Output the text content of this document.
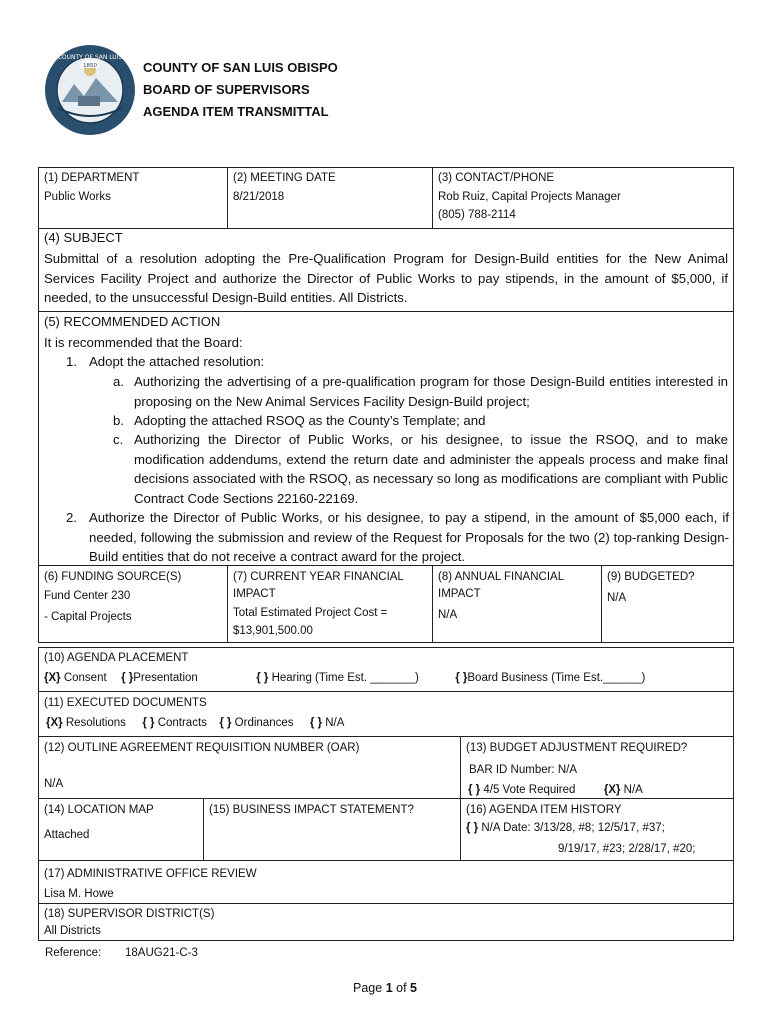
COUNTY OF SAN LUIS
1850	COUNTY OF SAN LUIS OBISPO
BOARD OF SUPERVISORS
AGENDA ITEM TRANSMITTAL
(1) DEPARTMENT
Public Works
(2) MEETING DATE
8/21/2018
(3) CONTACT/PHONE
Rob Ruiz, Capital Projects Manager
(805) 788-2114
(4) SUBJECT
Submittal of a resolution adopting the Pre-Qualification Program for Design-Build entities for the New Animal Services Facility Project and authorize the Director of Public Works to pay stipends, in the amount of $5,000, if needed, to the unsuccessful Design-Build entities. All Districts.
(5) RECOMMENDED ACTION
It is recommended that the Board:
1. Adopt the attached resolution:
a. Authorizing the advertising of a pre-qualification program for those Design-Build entities interested in proposing on the New Animal Services Facility Design-Build project;
b. Adopting the attached RSOQ as the County’s Template; and
c. Authorizing the Director of Public Works, or his designee, to issue the RSOQ, and to make modification addendums, extend the return date and administer the appeals process and make final decisions associated with the RSOQ, as necessary so long as modifications are compliant with Public Contract Code Sections 22160-22169.
2. Authorize the Director of Public Works, or his designee, to pay a stipend, in the amount of $5,000 each, if needed, following the submission and review of the Request for Proposals for the two (2) top-ranking Design-Build entities that do not receive a contract award for the project.
(6) FUNDING SOURCE(S)
Fund Center 230
- Capital Projects
(7) CURRENT YEAR FINANCIAL
IMPACT
Total Estimated Project Cost =
$13,901,500.00
(8) ANNUAL FINANCIAL
IMPACT
N/A
(9) BUDGETED?
N/A
(10) AGENDA PLACEMENT
{X} Consent { }Presentation	{ } Hearing (Time Est. _______)	{ }Board Business (Time Est.______)
(11) EXECUTED DOCUMENTS
{X} Resolutions { } Contracts { } Ordinances { } N/A
(12) OUTLINE AGREEMENT REQUISITION NUMBER (OAR)
N/A
(13) BUDGET ADJUSTMENT REQUIRED?
BAR ID Number: N/A
{ } 4/5 Vote Required {X} N/A
(14) LOCATION MAP
Attached
(15) BUSINESS IMPACT STATEMENT?	(16) AGENDA ITEM HISTORY
{ } N/A Date: 3/13/28, #8; 12/5/17, #37;
9/19/17, #23; 2/28/17, #20;
(17) ADMINISTRATIVE OFFICE REVIEW
Lisa M. Howe
(18) SUPERVISOR DISTRICT(S)
All Districts
Reference: 18AUG21-C-3
Page 1 of 5
